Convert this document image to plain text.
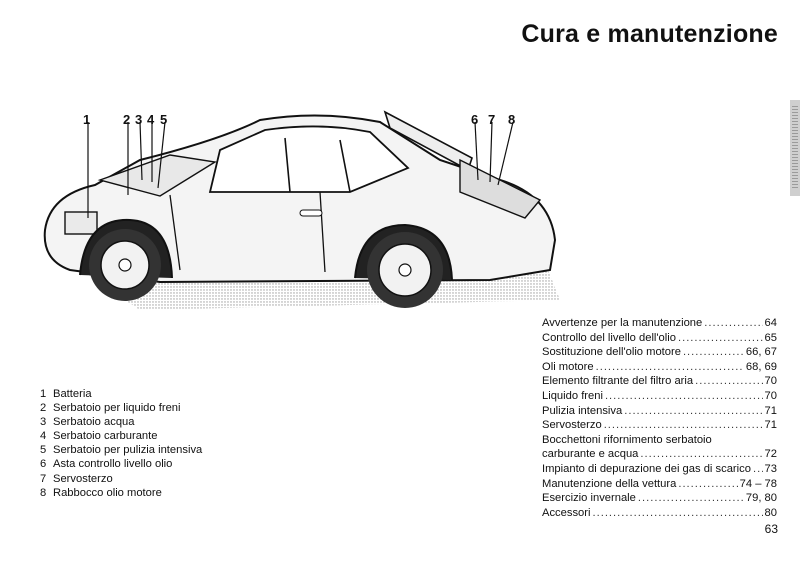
Cura e manutenzione
1	2 3 4 5	6 7 8
1 Batteria
2 Serbatoio per liquido freni
3 Serbatoio acqua
4 Serbatoio carburante
5 Serbatoio per pulizia intensiva
6 Asta controllo livello olio
7 Servosterzo
8 Rabbocco olio motore
Avvertenze per la manutenzione .....	64
Controllo del livello dell'olio .....	65
Sostituzione dell'olio motore .....	66, 67
Oli motore .....	68, 69
Elemento filtrante del filtro aria .....	70
Liquido freni .....	70
Pulizia intensiva .....	71
Servosterzo .....	71
Bocchettoni rifornimento serbatoio
carburante e acqua .....	72
Impianto di depurazione dei gas di scarico ..... 73
Manutenzione della vettura .....	74 – 78
Esercizio invernale .....	79, 80
Accessori .....	80
63
